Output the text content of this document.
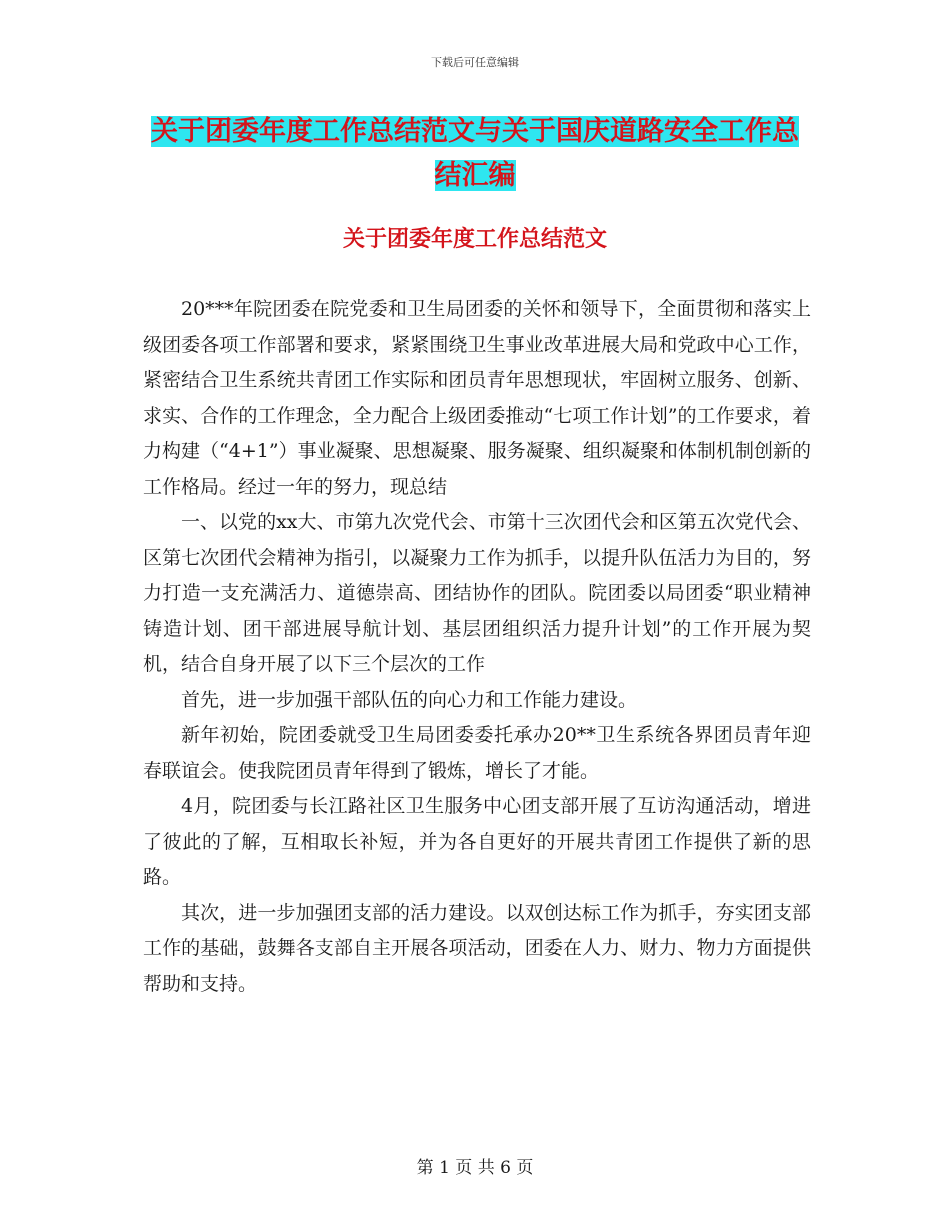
下载后可任意编辑
关于团委年度工作总结范文与关于国庆道路安全工作总结汇编
关于团委年度工作总结范文

20***年院团委在院党委和卫生局团委的关怀和领导下，全面贯彻和落实上级团委各项工作部署和要求，紧紧围绕卫生事业改革进展大局和党政中心工作，紧密结合卫生系统共青团工作实际和团员青年思想现状，牢固树立服务、创新、求实、合作的工作理念，全力配合上级团委推动“七项工作计划”的工作要求，着力构建（“4+1”）事业凝聚、思想凝聚、服务凝聚、组织凝聚和体制机制创新的工作格局。经过一年的努力，现总结

一、以党的xx大、市第九次党代会、市第十三次团代会和区第五次党代会、区第七次团代会精神为指引，以凝聚力工作为抓手，以提升队伍活力为目的，努力打造一支充满活力、道德崇高、团结协作的团队。院团委以局团委“职业精神铸造计划、团干部进展导航计划、基层团组织活力提升计划”的工作开展为契机，结合自身开展了以下三个层次的工作

首先，进一步加强干部队伍的向心力和工作能力建设。

新年初始，院团委就受卫生局团委委托承办20**卫生系统各界团员青年迎春联谊会。使我院团员青年得到了锻炼，增长了才能。

4月，院团委与长江路社区卫生服务中心团支部开展了互访沟通活动，增进了彼此的了解，互相取长补短，并为各自更好的开展共青团工作提供了新的思路。

其次，进一步加强团支部的活力建设。以双创达标工作为抓手，夯实团支部工作的基础，鼓舞各支部自主开展各项活动，团委在人力、财力、物力方面提供帮助和支持。

第 1 页 共 6 页
